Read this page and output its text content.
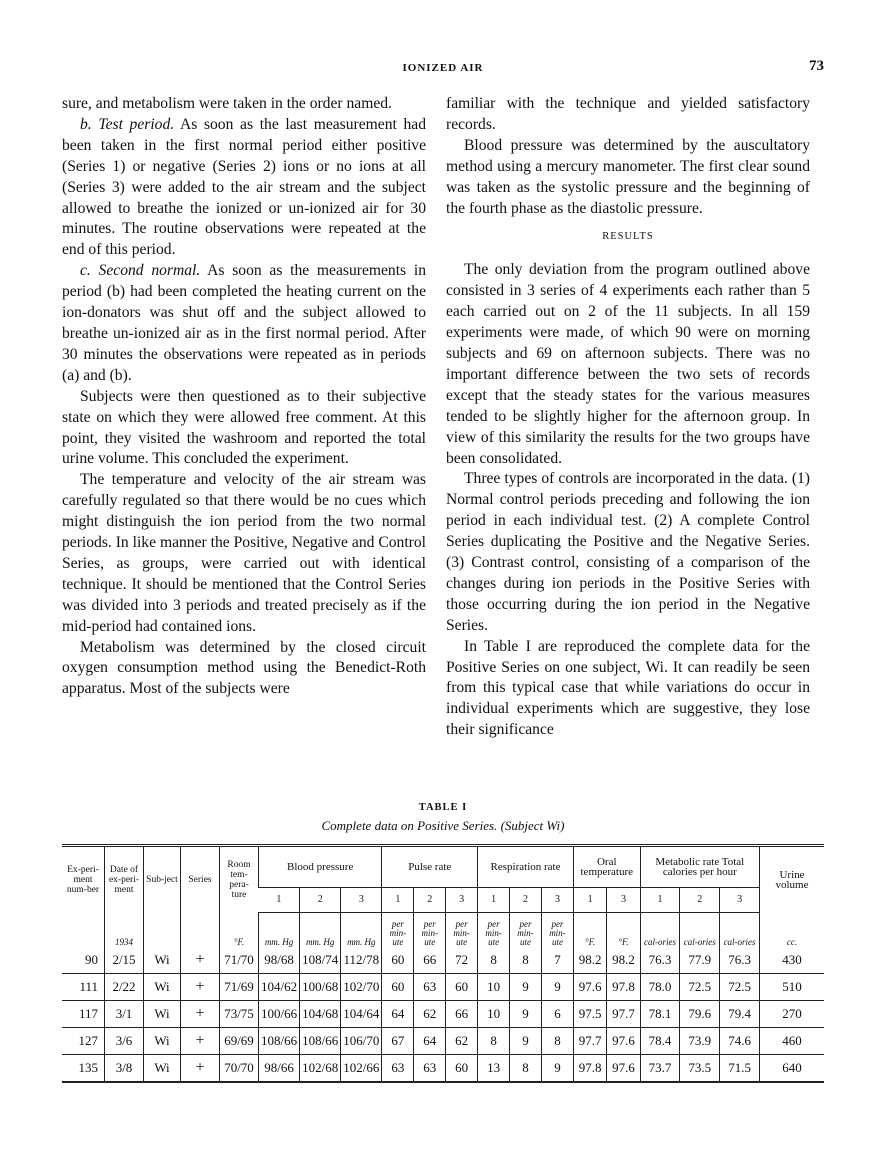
IONIZED AIR	73

sure, and metabolism were taken in the order named.

b. Test period. As soon as the last measurement had been taken in the first normal period either positive (Series 1) or negative (Series 2) ions or no ions at all (Series 3) were added to the air stream and the subject allowed to breathe the ionized or un-ionized air for 30 minutes. The routine observations were repeated at the end of this period.

c. Second normal. As soon as the measurements in period (b) had been completed the heating current on the ion-donators was shut off and the subject allowed to breathe un-ionized air as in the first normal period. After 30 minutes the observations were repeated as in periods (a) and (b).

Subjects were then questioned as to their subjective state on which they were allowed free comment. At this point, they visited the washroom and reported the total urine volume. This concluded the experiment.

The temperature and velocity of the air stream was carefully regulated so that there would be no cues which might distinguish the ion period from the two normal periods. In like manner the Positive, Negative and Control Series, as groups, were carried out with identical technique. It should be mentioned that the Control Series was divided into 3 periods and treated precisely as if the mid-period had contained ions.

Metabolism was determined by the closed circuit oxygen consumption method using the Benedict-Roth apparatus. Most of the subjects were

familiar with the technique and yielded satisfactory records.

Blood pressure was determined by the auscultatory method using a mercury manometer. The first clear sound was taken as the systolic pressure and the beginning of the fourth phase as the diastolic pressure.

RESULTS

The only deviation from the program outlined above consisted in 3 series of 4 experiments each rather than 5 each carried out on 2 of the 11 subjects. In all 159 experiments were made, of which 90 were on morning subjects and 69 on afternoon subjects. There was no important difference between the two sets of records except that the steady states for the various measures tended to be slightly higher for the afternoon group. In view of this similarity the results for the two groups have been consolidated.

Three types of controls are incorporated in the data. (1) Normal control periods preceding and following the ion period in each individual test. (2) A complete Control Series duplicating the Positive and the Negative Series. (3) Contrast control, consisting of a comparison of the changes during ion periods in the Positive Series with those occurring during the ion period in the Negative Series.

In Table I are reproduced the complete data for the Positive Series on one subject, Wi. It can readily be seen from this typical case that while variations do occur in individual experiments which are suggestive, they lose their significance

TABLE I
Complete data on Positive Series. (Subject Wi)
Ex-peri-ment num-ber	Date of ex-peri-ment	Sub-ject	Series	Room tem-pera-ture	Blood pressure			Pulse rate			Respiration rate			Oral temperature		Metabolic rate Total calories per hour			Urine volume
					1	2	3	1	2	3	1	2	3	1	3	1	2	3	
	1934			°F.	mm. Hg	mm. Hg	mm. Hg	per min-ute	per min-ute	per min-ute	per min-ute	per min-ute	per min-ute	°F.	°F.	cal-ories	cal-ories	cal-ories	cc.
90	2/15	Wi	+	71/70	98/68	108/74	112/78	60	66	72	8	8	7	98.2	98.2	76.3	77.9	76.3	430
111	2/22	Wi	+	71/69	104/62	100/68	102/70	60	63	60	10	9	9	97.6	97.8	78.0	72.5	72.5	510
117	3/1	Wi	+	73/75	100/66	104/68	104/64	64	62	66	10	9	6	97.5	97.7	78.1	79.6	79.4	270
127	3/6	Wi	+	69/69	108/66	108/66	106/70	67	64	62	8	9	8	97.7	97.6	78.4	73.9	74.6	460
135	3/8	Wi	+	70/70	98/66	102/68	102/66	63	63	60	13	8	9	97.8	97.6	73.7	73.5	71.5	640
